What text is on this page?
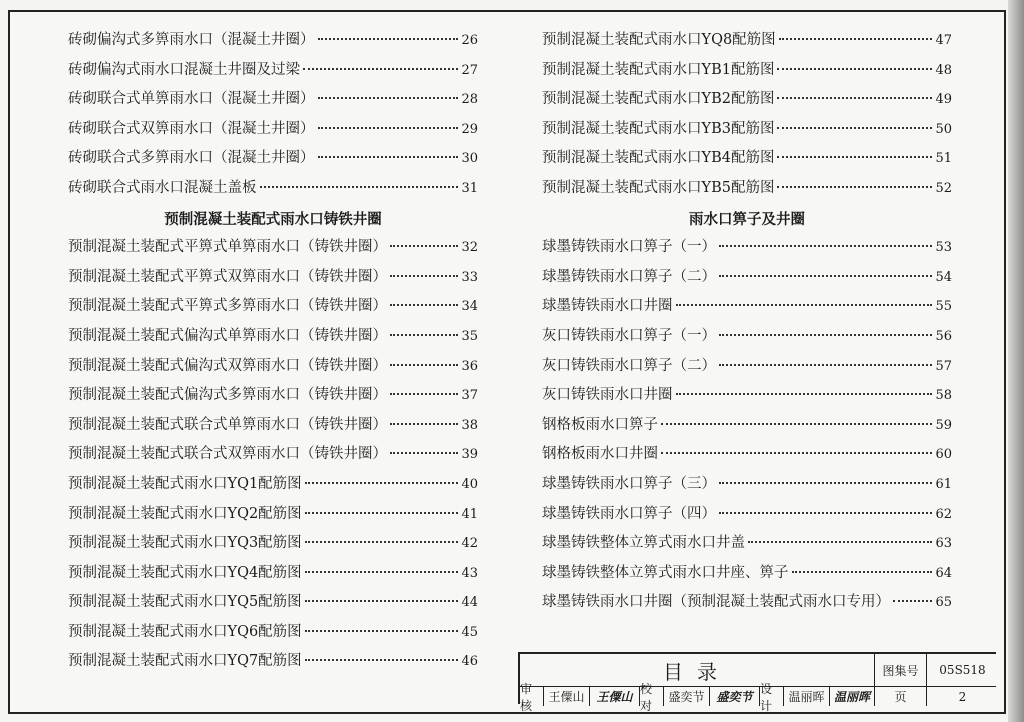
砖砌偏沟式多箅雨水口（混凝土井圈）	26
砖砌偏沟式雨水口混凝土井圈及过梁	27
砖砌联合式单箅雨水口（混凝土井圈）	28
砖砌联合式双箅雨水口（混凝土井圈）	29
砖砌联合式多箅雨水口（混凝土井圈）	30
砖砌联合式雨水口混凝土盖板	31
预制混凝土装配式雨水口铸铁井圈
预制混凝土装配式平箅式单箅雨水口（铸铁井圈）	32
预制混凝土装配式平箅式双箅雨水口（铸铁井圈）	33
预制混凝土装配式平箅式多箅雨水口（铸铁井圈）	34
预制混凝土装配式偏沟式单箅雨水口（铸铁井圈）	35
预制混凝土装配式偏沟式双箅雨水口（铸铁井圈）	36
预制混凝土装配式偏沟式多箅雨水口（铸铁井圈）	37
预制混凝土装配式联合式单箅雨水口（铸铁井圈）	38
预制混凝土装配式联合式双箅雨水口（铸铁井圈）	39
预制混凝土装配式雨水口YQ1配筋图	40
预制混凝土装配式雨水口YQ2配筋图	41
预制混凝土装配式雨水口YQ3配筋图	42
预制混凝土装配式雨水口YQ4配筋图	43
预制混凝土装配式雨水口YQ5配筋图	44
预制混凝土装配式雨水口YQ6配筋图	45
预制混凝土装配式雨水口YQ7配筋图	46
预制混凝土装配式雨水口YQ8配筋图	47
预制混凝土装配式雨水口YB1配筋图	48
预制混凝土装配式雨水口YB2配筋图	49
预制混凝土装配式雨水口YB3配筋图	50
预制混凝土装配式雨水口YB4配筋图	51
预制混凝土装配式雨水口YB5配筋图	52
雨水口箅子及井圈
球墨铸铁雨水口箅子（一）	53
球墨铸铁雨水口箅子（二）	54
球墨铸铁雨水口井圈	55
灰口铸铁雨水口箅子（一）	56
灰口铸铁雨水口箅子（二）	57
灰口铸铁雨水口井圈	58
钢格板雨水口箅子	59
钢格板雨水口井圈	60
球墨铸铁雨水口箅子（三）	61
球墨铸铁雨水口箅子（四）	62
球墨铸铁整体立箅式雨水口井盖	63
球墨铸铁整体立箅式雨水口井座、箅子	64
球墨铸铁雨水口井圈（预制混凝土装配式雨水口专用）	65
目录	图集号	05S518
审核
王僳山 王僳山
校对
盛奕节 盛奕节
设计
温丽晖 温丽晖	页	2
